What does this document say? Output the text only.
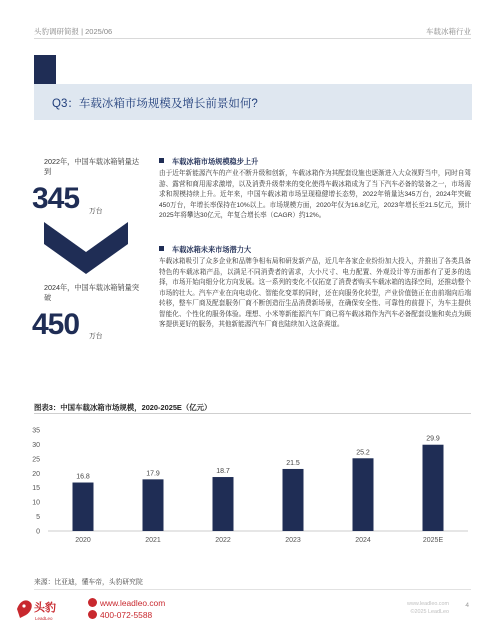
头豹调研简报 | 2025/06	车载冰箱行业
Q3：车载冰箱市场规模及增长前景如何?
2022年，中国车载冰箱销量达到
345 万台
2024年，中国车载冰箱销量突破
450 万台
车载冰箱市场规模稳步上升
由于近年新能源汽车的产业不断升级和创新，车载冰箱作为其配套设施也逐渐进入大众视野当中，同时自驾游、露营和商用需求激增，以及消费升级带来的变化使得车载冰箱成为了当下汽车必备的装备之一，市场需求和规模持续上升。近年来，中国车载冰箱市场呈现稳健增长态势，2022年销量达345万台，2024年突破450万台，年增长率保持在10%以上。市场规模方面，2020年仅为16.8亿元，2023年增长至21.5亿元，预计2025年将攀达30亿元，年复合增长率（CAGR）约12%。
车载冰箱未来市场潜力大
车载冰箱吸引了众多企业和品牌争相布局和研发新产品，近几年各家企业纷纷加大投入，并推出了各类具备特色的车载冰箱产品，以满足不同消费者的需求，大小尺寸、电力配置、外观设计等方面都有了更多的选择，市场开始向细分化方向发展。这一系列的变化不仅拓宽了消费者购买车载冰箱的选择空间，还推动整个市场的壮大。汽车产业在向电动化、智能化变革的同时，还在向服务化转型，产业价值链正在由前端向后端转移，整车厂商及配套服务厂商不断创造衍生品消费新场景，在确保安全性、可靠性的前提下，为车主提供智能化、个性化的服务体验。理想、小米等新能源汽车厂商已将车载冰箱作为汽车必备配套设施和卖点为顾客提供更好的服务，其他新能源汽车厂商也陆续加入这条赛道。
图表3：中国车载冰箱市场规模，2020-2025E（亿元）
0
5
10
15
20
25
30
35
16.8
2020
17.9
2021
18.7
2022
21.5
2023
25.2
2024
29.9
2025E
来源：比亚迪，懂车帝，头豹研究院
头豹
LeadLeo
www.leadleo.com
400-072-5588
www.leadleo.com
©2025 LeadLeo
4
